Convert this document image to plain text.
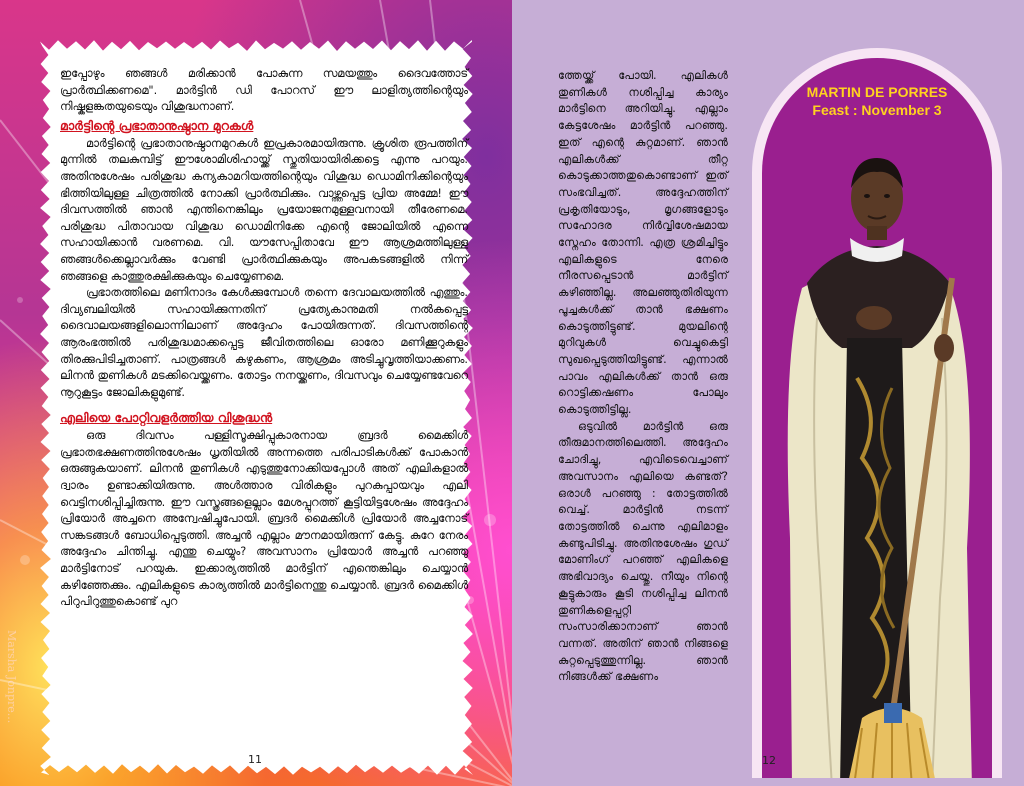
Marsha Jonpre...

ഇപ്പോഴും ഞങ്ങൾ മരിക്കാൻ പോകുന്ന സമയത്തും ദൈവത്തോട് പ്രാർത്ഥിക്കണമെ". മാർട്ടിൻ ഡി പോറസ് ഈ ലാളിത്യത്തിന്റെയും നിഷ്കളങ്കതയുടെയും വിശുദ്ധനാണ്.

മാർട്ടിന്റെ പ്രഭാതാനുഷ്ഠാന മുറകൾ

മാർട്ടിന്റെ പ്രഭാതാനുഷ്ഠാനമുറകൾ ഇപ്രകാരമായിരുന്നു. ക്രൂശിത രൂപത്തിന് മുന്നിൽ തലകുമ്പിട്ട് ഈശോമിശിഹായ്ക്ക് സ്തുതിയായിരിക്കട്ടെ എന്നു പറയും. അതിനുശേഷം പരിശുദ്ധ കന്യകാമറിയത്തിന്റെയും വിശുദ്ധ ഡൊമിനിക്കിന്റെയും ഭിത്തിയിലുള്ള ചിത്രത്തിൽ നോക്കി പ്രാർത്ഥിക്കും. വാഴ്ത്തപ്പെട്ട പ്രിയ അമ്മേ! ഈ ദിവസത്തിൽ ഞാൻ എന്തിനെങ്കിലും പ്രയോജനമുള്ളവനായി തീരേണമെ. പരിശുദ്ധ പിതാവായ വിശുദ്ധ ഡൊമിനിക്കേ എന്റെ ജോലിയിൽ എന്നെ സഹായിക്കാൻ വരണമെ. വി. യൗസേപ്പിതാവേ ഈ ആശ്രമത്തിലുള്ള ഞങ്ങൾക്കെല്ലാവർക്കും വേണ്ടി പ്രാർത്ഥിക്കുകയും അപകടങ്ങളിൽ നിന്ന് ഞങ്ങളെ കാത്തുരക്ഷിക്കുകയും ചെയ്യേണമെ.

പ്രഭാതത്തിലെ മണിനാദം കേൾക്കുമ്പോൾ തന്നെ ദേവാലയത്തിൽ എത്തും. ദിവ്യബലിയിൽ സഹായിക്കുന്നതിന് പ്രത്യേകാനുമതി നൽകപ്പെട്ട ദൈവാലയങ്ങളിലൊന്നിലാണ് അദ്ദേഹം പോയിരുന്നത്. ദിവസത്തിന്റെ ആരംഭത്തിൽ പരിശുദ്ധമാക്കപ്പെട്ട ജീവിതത്തിലെ ഓരോ മണിക്കൂറുകളും തിരക്കുപിടിച്ചതാണ്. പാത്രങ്ങൾ കഴുകണം, ആശ്രമം അടിച്ചുവൃത്തിയാക്കണം. ലിനൻ തുണികൾ മടക്കിവെയ്ക്കണം. തോട്ടം നനയ്ക്കണം, ദിവസവും ചെയ്യേണ്ടവേറെ നൂറുകൂട്ടം ജോലികളുമുണ്ട്.

എലിയെ പോറ്റിവളർത്തിയ വിശുദ്ധൻ

ഒരു ദിവസം പള്ളിസൂക്ഷിപ്പുകാരനായ ബ്രദർ മൈക്കിൾ പ്രഭാതഭക്ഷണത്തിനുശേഷം ധൃതിയിൽ അന്നത്തെ പരിപാടികൾക്ക് പോകാൻ ഒരുങ്ങുകയാണ്. ലിനൻ തുണികൾ എടുത്തുനോക്കിയപ്പോൾ അത് എലികളാൽ ദ്വാരം ഉണ്ടാക്കിയിരുന്നു. അൾത്താര വിരികളും പുറകുപ്പായവും എലി വെട്ടിനശിപ്പിച്ചിരുന്നു. ഈ വസ്ത്രങ്ങളെല്ലാം മേശപ്പുറത്ത് കൂട്ടിയിട്ടശേഷം അദ്ദേഹം പ്രിയോർ അച്ചനെ അന്വേഷിച്ചുപോയി. ബ്രദർ മൈക്കിൾ പ്രിയോർ അച്ചനോട് സങ്കടങ്ങൾ ബോധിപ്പെടുത്തി. അച്ചൻ എല്ലാം മൗനമായിരുന്ന് കേട്ടു. കുറേ നേരം അദ്ദേഹം ചിന്തിച്ചു. എന്തു ചെയ്യും? അവസാനം പ്രിയോർ അച്ചൻ പറഞ്ഞു മാർട്ടിനോട് പറയുക. ഇക്കാര്യത്തിൽ മാർട്ടിന് എന്തെങ്കിലും ചെയ്യാൻ കഴിഞ്ഞേക്കും. എലികളുടെ കാര്യത്തിൽ മാർട്ടിനെന്തു ചെയ്യാൻ. ബ്രദർ മൈക്കിൾ പിറുപിറുത്തുകൊണ്ട് പുറ

11

ത്തേയ്ക്ക് പോയി. എലികൾ തുണികൾ നശിപ്പിച്ച കാര്യം മാർട്ടിനെ അറിയിച്ചു. എല്ലാം കേട്ടശേഷം മാർട്ടിൻ പറഞ്ഞു. ഇത് എന്റെ കുറ്റമാണ്. ഞാൻ എലികൾക്ക് തീറ്റ കൊടുക്കാത്തതുകൊണ്ടാണ് ഇത് സംഭവിച്ചത്. അദ്ദേഹത്തിന് പ്രകൃതിയോടും, മൃഗങ്ങളോടും സഹോദര നിർവ്വിശേഷമായ സ്നേഹം തോന്നി. എത്ര ശ്രമിച്ചിട്ടും എലികളുടെ നേരെ നീരസപ്പെടാൻ മാർട്ടിന് കഴിഞ്ഞില്ല. അലഞ്ഞുതിരിയുന്ന പൂച്ചകൾക്ക് താൻ ഭക്ഷണം കൊടുത്തിട്ടുണ്ട്. മുയലിന്റെ മുറിവുകൾ വെച്ചുകെട്ടി സുഖപ്പെടുത്തിയിട്ടുണ്ട്. എന്നാൽ പാവം എലികൾക്ക് താൻ ഒരു റൊട്ടിക്കഷണം പോലും കൊടുത്തിട്ടില്ല.

ഒടുവിൽ മാർട്ടിൻ ഒരു തീരുമാനത്തിലെത്തി. അദ്ദേഹം ചോദിച്ചു, എവിടെവെച്ചാണ് അവസാനം എലിയെ കണ്ടത്? ഒരാൾ പറഞ്ഞു : തോട്ടത്തിൽ വെച്ച്. മാർട്ടിൻ നടന്ന് തോട്ടത്തിൽ ചെന്നു എലിമാളം കണ്ടുപിടിച്ചു. അതിനുശേഷം ഗുഡ് മോണിംഗ് പറഞ്ഞ് എലികളെ അഭിവാദ്യം ചെയ്തു. നീയും നിന്റെ കൂട്ടുകാരും കൂടി നശിപ്പിച്ച ലിനൻ തുണികളെപ്പറ്റി സംസാരിക്കാനാണ് ഞാൻ വന്നത്. അതിന് ഞാൻ നിങ്ങളെ കുറ്റപ്പെടുത്തുന്നില്ല. ഞാൻ നിങ്ങൾക്ക് ഭക്ഷണം

MARTIN DE PORRES
Feast : November 3
12
